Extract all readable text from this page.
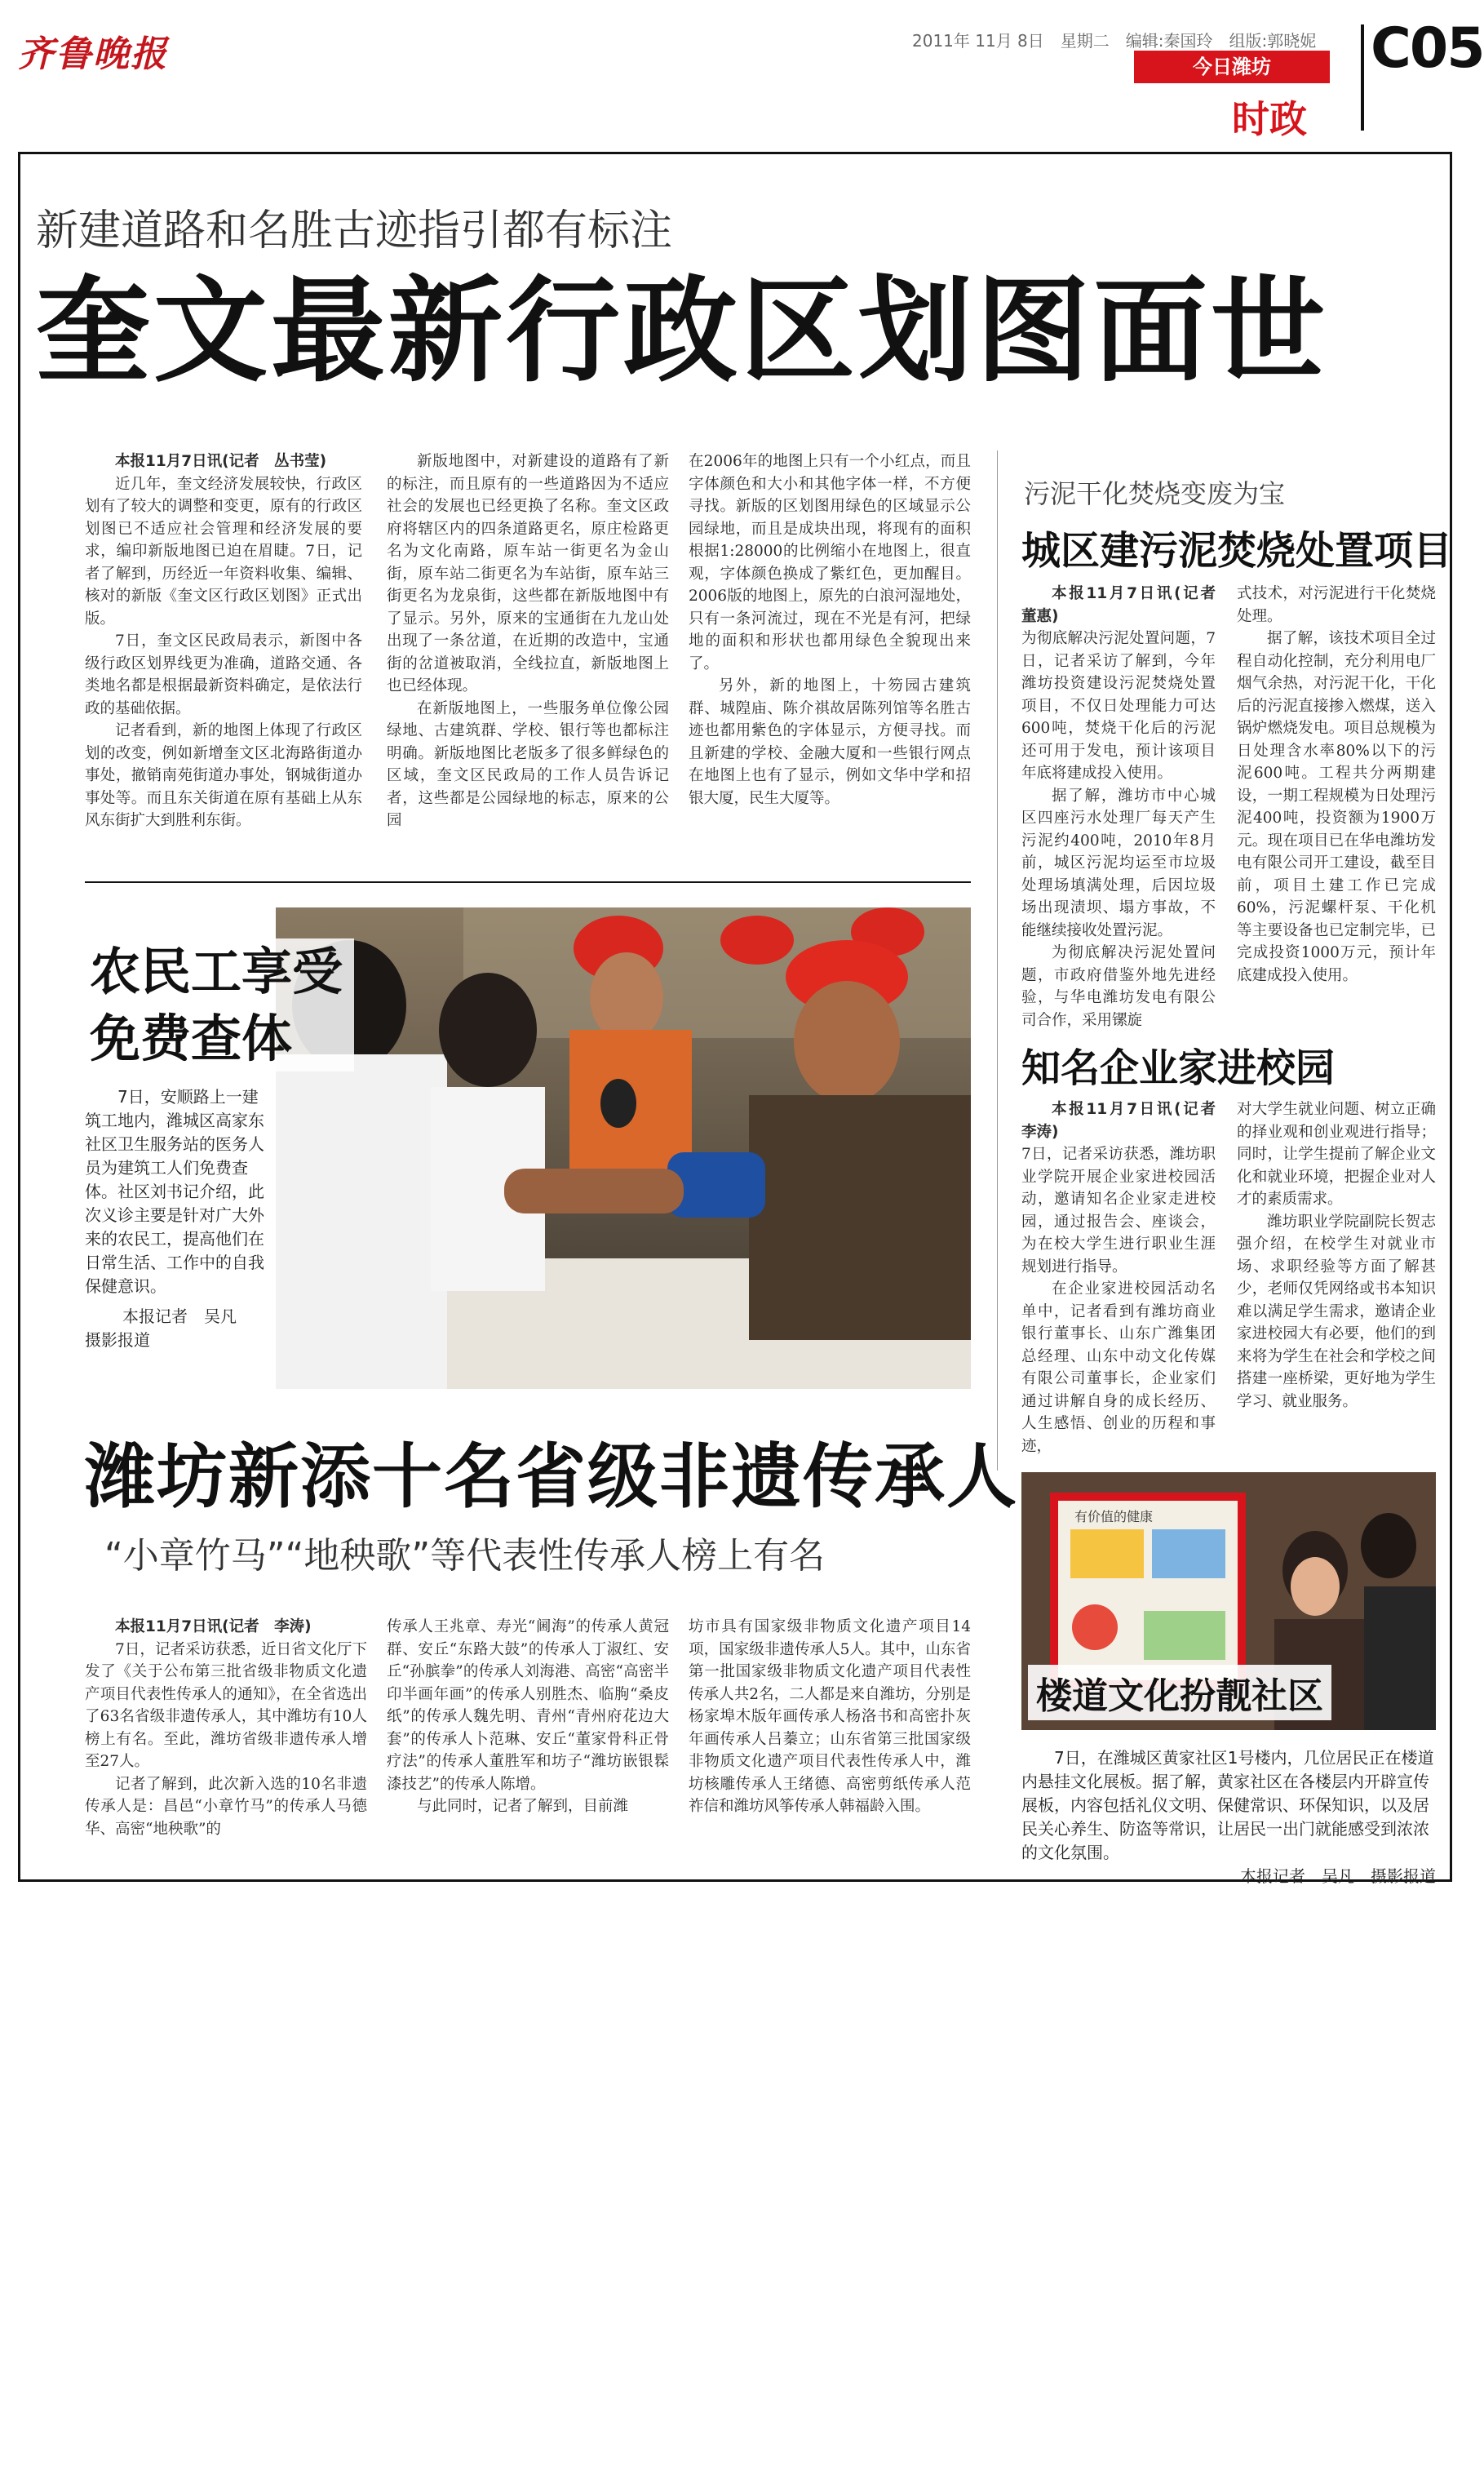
齐鲁晚报	2011年 11月 8日　星期二　编辑:秦国玲　组版:郭晓妮
今日潍坊
时政
C05
新建道路和名胜古迹指引都有标注
奎文最新行政区划图面世

本报11月7日讯(记者　丛书莹)

近几年，奎文经济发展较快，行政区划有了较大的调整和变更，原有的行政区划图已不适应社会管理和经济发展的要求，编印新版地图已迫在眉睫。7日，记者了解到，历经近一年资料收集、编辑、核对的新版《奎文区行政区划图》正式出版。

7日，奎文区民政局表示，新图中各级行政区划界线更为准确，道路交通、各类地名都是根据最新资料确定，是依法行政的基础依据。

记者看到，新的地图上体现了行政区划的改变，例如新增奎文区北海路街道办事处，撤销南苑街道办事处，钢城街道办事处等。而且东关街道在原有基础上从东风东街扩大到胜利东街。

新版地图中，对新建设的道路有了新的标注，而且原有的一些道路因为不适应社会的发展也已经更换了名称。奎文区政府将辖区内的四条道路更名，原庄检路更名为文化南路，原车站一街更名为金山街，原车站二街更名为车站街，原车站三街更名为龙泉街，这些都在新版地图中有了显示。另外，原来的宝通街在九龙山处出现了一条岔道，在近期的改造中，宝通街的岔道被取消，全线拉直，新版地图上也已经体现。

在新版地图上，一些服务单位像公园绿地、古建筑群、学校、银行等也都标注明确。新版地图比老版多了很多鲜绿色的区域，奎文区民政局的工作人员告诉记者，这些都是公园绿地的标志，原来的公园

在2006年的地图上只有一个小红点，而且字体颜色和大小和其他字体一样，不方便寻找。新版的区划图用绿色的区域显示公园绿地，而且是成块出现，将现有的面积根据1:28000的比例缩小在地图上，很直观，字体颜色换成了紫红色，更加醒目。2006版的地图上，原先的白浪河湿地处，只有一条河流过，现在不光是有河，把绿地的面积和形状也都用绿色全貌现出来了。

另外，新的地图上，十笏园古建筑群、城隍庙、陈介祺故居陈列馆等名胜古迹也都用紫色的字体显示，方便寻找。而且新建的学校、金融大厦和一些银行网点在地图上也有了显示，例如文华中学和招银大厦，民生大厦等。

农民工享受
免费查体

7日，安顺路上一建筑工地内，潍城区高家东社区卫生服务站的医务人员为建筑工人们免费查体。社区刘书记介绍，此次义诊主要是针对广大外来的农民工，提高他们在日常生活、工作中的自我保健意识。

本报记者　吴凡
摄影报道
潍坊新添十名省级非遗传承人
“小章竹马”“地秧歌”等代表性传承人榜上有名

本报11月7日讯(记者　李涛)

7日，记者采访获悉，近日省文化厅下发了《关于公布第三批省级非物质文化遗产项目代表性传承人的通知》，在全省选出了63名省级非遗传承人，其中潍坊有10人榜上有名。至此，潍坊省级非遗传承人增至27人。

记者了解到，此次新入选的10名非遗传承人是：昌邑“小章竹马”的传承人马德华、高密“地秧歌”的

传承人王兆章、寿光“阃海”的传承人黄冠群、安丘“东路大鼓”的传承人丁淑红、安丘“孙膑拳”的传承人刘海港、高密“高密半印半画年画”的传承人别胜杰、临朐“桑皮纸”的传承人魏先明、青州“青州府花边大套”的传承人卜范琳、安丘“董家骨科正骨疗法”的传承人董胜军和坊子“潍坊嵌银髹漆技艺”的传承人陈增。

与此同时，记者了解到，目前潍

坊市具有国家级非物质文化遗产项目14项，国家级非遗传承人5人。其中，山东省第一批国家级非物质文化遗产项目代表性传承人共2名，二人都是来自潍坊，分别是杨家埠木版年画传承人杨洛书和高密扑灰年画传承人吕蓁立；山东省第三批国家级非物质文化遗产项目代表性传承人中，潍坊核雕传承人王绪德、高密剪纸传承人范祚信和潍坊风筝传承人韩福龄入围。

污泥干化焚烧变废为宝
城区建污泥焚烧处置项目

本报11月7日讯(记者　董惠)

为彻底解决污泥处置问题，7日，记者采访了解到，今年潍坊投资建设污泥焚烧处置项目，不仅日处理能力可达600吨，焚烧干化后的污泥还可用于发电，预计该项目年底将建成投入使用。

据了解，潍坊市中心城区四座污水处理厂每天产生污泥约400吨，2010年8月前，城区污泥均运至市垃圾处理场填满处理，后因垃圾场出现渍坝、塌方事故，不能继续接收处置污泥。

为彻底解决污泥处置问题，市政府借鉴外地先进经验，与华电潍坊发电有限公司合作，采用镙旋

式技术，对污泥进行干化焚烧处理。

据了解，该技术项目全过程自动化控制，充分利用电厂烟气余热，对污泥干化，干化后的污泥直接掺入燃煤，送入锅炉燃烧发电。项目总规模为日处理含水率80%以下的污泥600吨。工程共分两期建设，一期工程规模为日处理污泥400吨，投资额为1900万元。现在项目已在华电潍坊发电有限公司开工建设，截至目前，项目土建工作已完成60%，污泥螺杆泵、干化机等主要设备也已定制完毕，已完成投资1000万元，预计年底建成投入使用。

知名企业家进校园

本报11月7日讯(记者　李涛)

7日，记者采访获悉，潍坊职业学院开展企业家进校园活动，邀请知名企业家走进校园，通过报告会、座谈会，为在校大学生进行职业生涯规划进行指导。

在企业家进校园活动名单中，记者看到有潍坊商业银行董事长、山东广潍集团总经理、山东中动文化传媒有限公司董事长，企业家们通过讲解自身的成长经历、人生感悟、创业的历程和事迹，

对大学生就业问题、树立正确的择业观和创业观进行指导；同时，让学生提前了解企业文化和就业环境，把握企业对人才的素质需求。

潍坊职业学院副院长贺志强介绍，在校学生对就业市场、求职经验等方面了解甚少，老师仅凭网络或书本知识难以满足学生需求，邀请企业家进校园大有必要，他们的到来将为学生在社会和学校之间搭建一座桥梁，更好地为学生学习、就业服务。

有价值的健康
楼道文化扮靓社区

7日，在潍城区黄家社区1号楼内，几位居民正在楼道内悬挂文化展板。据了解，黄家社区在各楼层内开辟宣传展板，内容包括礼仪文明、保健常识、环保知识，以及居民关心养生、防盗等常识，让居民一出门就能感受到浓浓的文化氛围。

本报记者　吴凡　摄影报道
